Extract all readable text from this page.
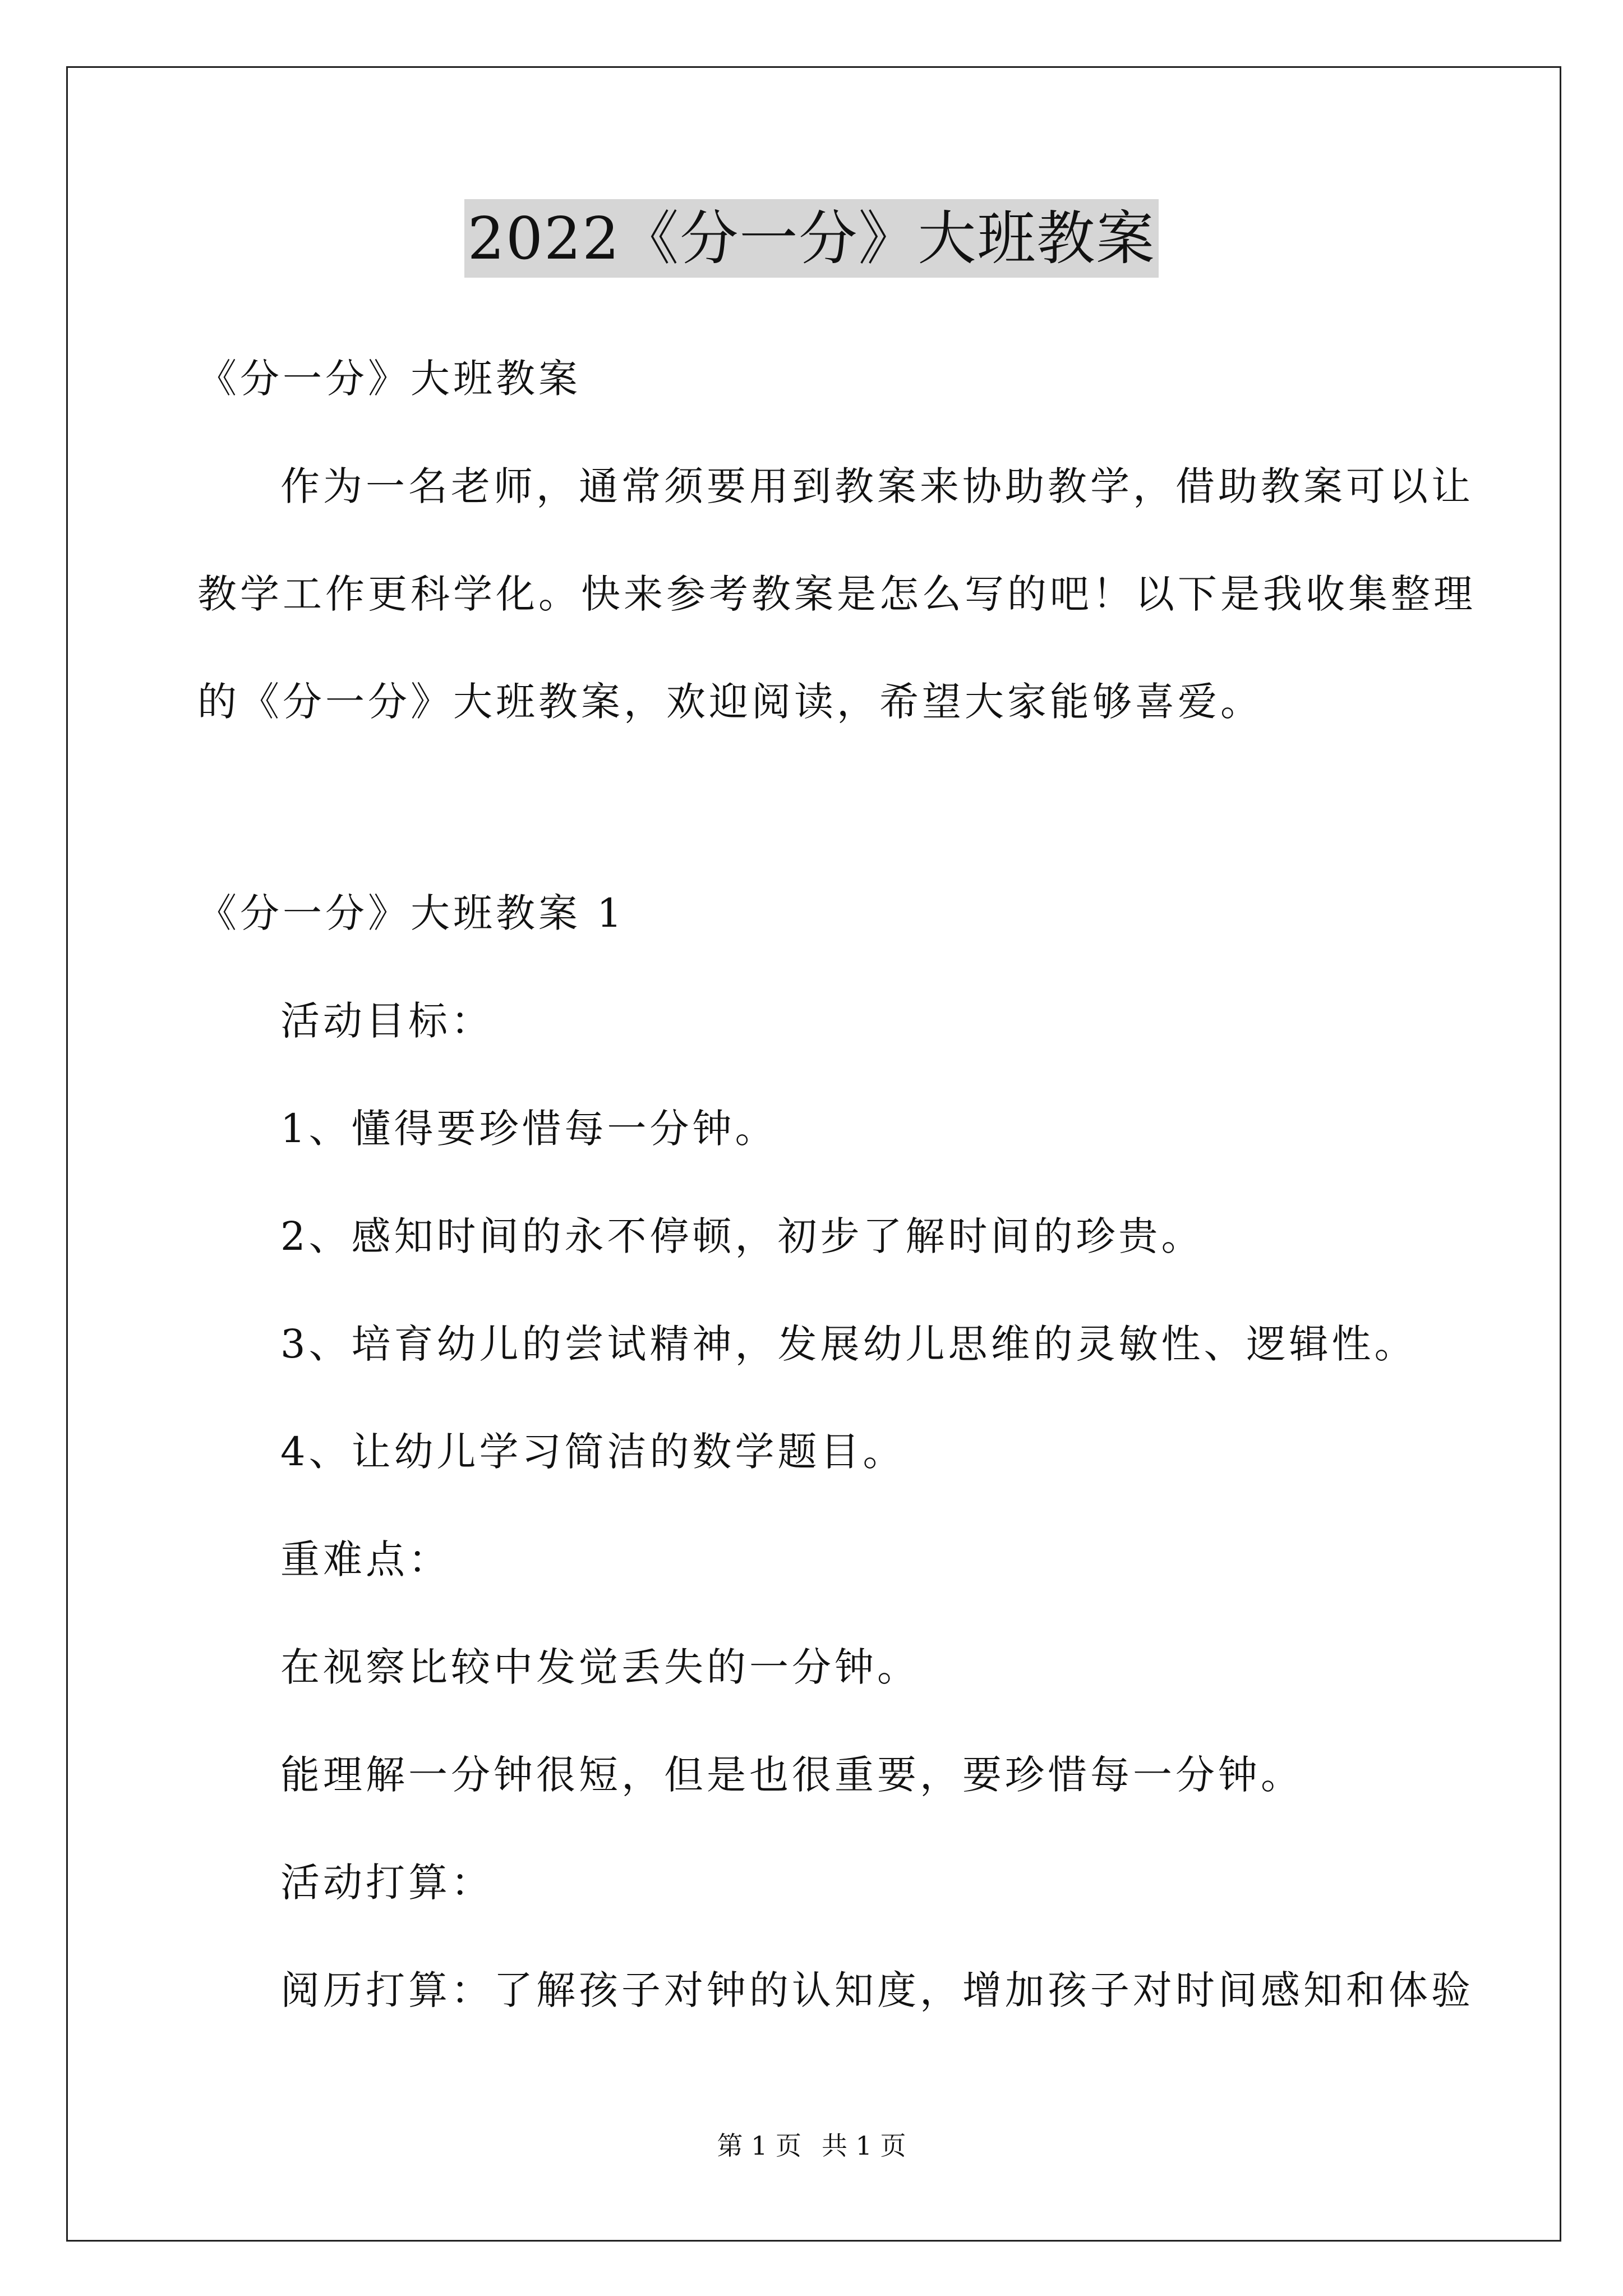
2022《分一分》大班教案
《分一分》大班教案
作为一名老师，通常须要用到教案来协助教学，借助教案可以让
教学工作更科学化。快来参考教案是怎么写的吧！以下是我收集整理
的《分一分》大班教案，欢迎阅读，希望大家能够喜爱。
《分一分》大班教案 1
活动目标：
1、懂得要珍惜每一分钟。
2、感知时间的永不停顿，初步了解时间的珍贵。
3、培育幼儿的尝试精神，发展幼儿思维的灵敏性、逻辑性。
4、让幼儿学习简洁的数学题目。
重难点：
在视察比较中发觉丢失的一分钟。
能理解一分钟很短，但是也很重要，要珍惜每一分钟。
活动打算：
阅历打算：了解孩子对钟的认知度，增加孩子对时间感知和体验
第 1 页 共 1 页
